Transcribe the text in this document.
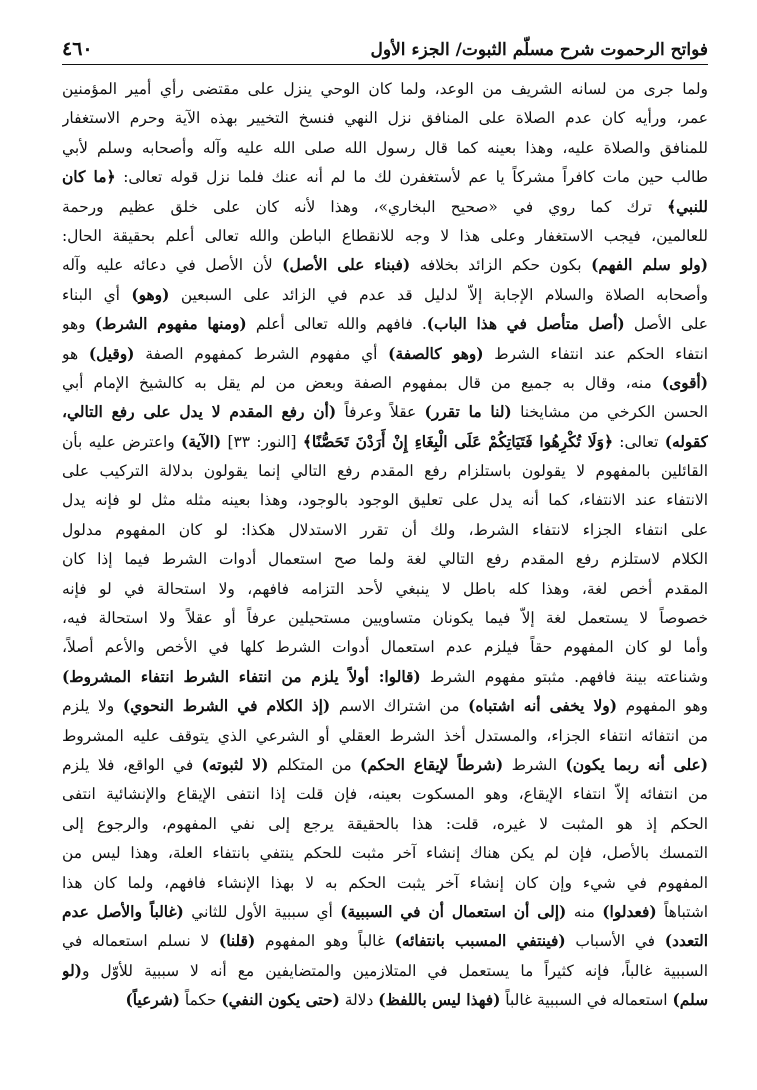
فواتح الرحموت شرح مسلّم الثبوت/ الجزء الأول
٤٦٠
ولما جرى من لسانه الشريف من الوعد، ولما كان الوحي ينزل على مقتضى رأي أمير المؤمنين
عمر، ورأيه كان عدم الصلاة على المنافق نزل النهي فنسخ التخيير بهذه الآية وحرم الاستغفار
للمنافق والصلاة عليه، وهذا بعينه كما قال رسول الله صلى الله عليه وآله وأصحابه وسلم لأبي
طالب حين مات كافراً مشركاً يا عم لأستغفرن لك ما لم أنه عنك فلما نزل قوله تعالى: ﴿ما كان
للنبي﴾ ترك كما روي في «صحيح البخاري»، وهذا لأنه كان على خلق عظيم ورحمة
للعالمين، فيجب الاستغفار وعلى هذا لا وجه للانقطاع الباطن والله تعالى أعلم بحقيقة الحال:
(ولو سلم الفهم) بكون حكم الزائد بخلافه (فبناء على الأصل) لأن الأصل في دعائه عليه وآله
وأصحابه الصلاة والسلام الإجابة إلاّ لدليل قد عدم في الزائد على السبعين (وهو) أي البناء
على الأصل (أصل متأصل في هذا الباب). فافهم والله تعالى أعلم (ومنها مفهوم الشرط) وهو
انتفاء الحكم عند انتفاء الشرط (وهو كالصفة) أي مفهوم الشرط كمفهوم الصفة (وقيل) هو
(أقوى) منه، وقال به جميع من قال بمفهوم الصفة وبعض من لم يقل به كالشيخ الإمام أبي
الحسن الكرخي من مشايخنا (لنا ما تقرر) عقلاً وعرفاً (أن رفع المقدم لا يدل على رفع التالي،
كقوله) تعالى: ﴿وَلَا تُكْرِهُوا فَتَيَاتِكُمْ عَلَى الْبِغَاءِ إِنْ أَرَدْنَ تَحَصُّنًا﴾ [النور: ٣٣] (الآية) واعترض عليه بأن
القائلين بالمفهوم لا يقولون باستلزام رفع المقدم رفع التالي إنما يقولون بدلالة التركيب على
الانتفاء عند الانتفاء، كما أنه يدل على تعليق الوجود بالوجود، وهذا بعينه مثله مثل لو فإنه يدل
على انتفاء الجزاء لانتفاء الشرط، ولك أن تقرر الاستدلال هكذا: لو كان المفهوم مدلول
الكلام لاستلزم رفع المقدم رفع التالي لغة ولما صح استعمال أدوات الشرط فيما إذا كان
المقدم أخص لغة، وهذا كله باطل لا ينبغي لأحد التزامه فافهم، ولا استحالة في لو فإنه
خصوصاً لا يستعمل لغة إلاّ فيما يكونان متساويين مستحيلين عرفاً أو عقلاً ولا استحالة فيه،
وأما لو كان المفهوم حقاً فيلزم عدم استعمال أدوات الشرط كلها في الأخص والأعم أصلاً،
وشناعته بينة فافهم. مثبتو مفهوم الشرط (قالوا: أولاً يلزم من انتفاء الشرط انتفاء المشروط)
وهو المفهوم (ولا يخفى أنه اشتباه) من اشتراك الاسم (إذ الكلام في الشرط النحوي) ولا يلزم
من انتفائه انتفاء الجزاء، والمستدل أخذ الشرط العقلي أو الشرعي الذي يتوقف عليه المشروط
(على أنه ربما يكون) الشرط (شرطاً لإيقاع الحكم) من المتكلم (لا لثبوته) في الواقع، فلا يلزم
من انتفائه إلاّ انتفاء الإيقاع، وهو المسكوت بعينه، فإن قلت إذا انتفى الإيقاع والإنشائية انتفى
الحكم إذ هو المثبت لا غيره، قلت: هذا بالحقيقة يرجع إلى نفي المفهوم، والرجوع إلى
التمسك بالأصل، فإن لم يكن هناك إنشاء آخر مثبت للحكم ينتفي بانتفاء العلة، وهذا ليس من
المفهوم في شيء وإن كان إنشاء آخر يثبت الحكم به لا بهذا الإنشاء فافهم، ولما كان هذا
اشتباهاً (فعدلوا) منه (إلى أن استعمال أن في السببية) أي سببية الأول للثاني (غالباً والأصل عدم
التعدد) في الأسباب (فينتفي المسبب بانتفائه) غالباً وهو المفهوم (قلنا) لا نسلم استعماله في
السببية غالباً، فإنه كثيراً ما يستعمل في المتلازمين والمتضايفين مع أنه لا سببية للأوّل و(لو
سلم) استعماله في السببية غالباً (فهذا ليس باللفظ) دلالة (حتى يكون النفي) حكماً (شرعياً)
